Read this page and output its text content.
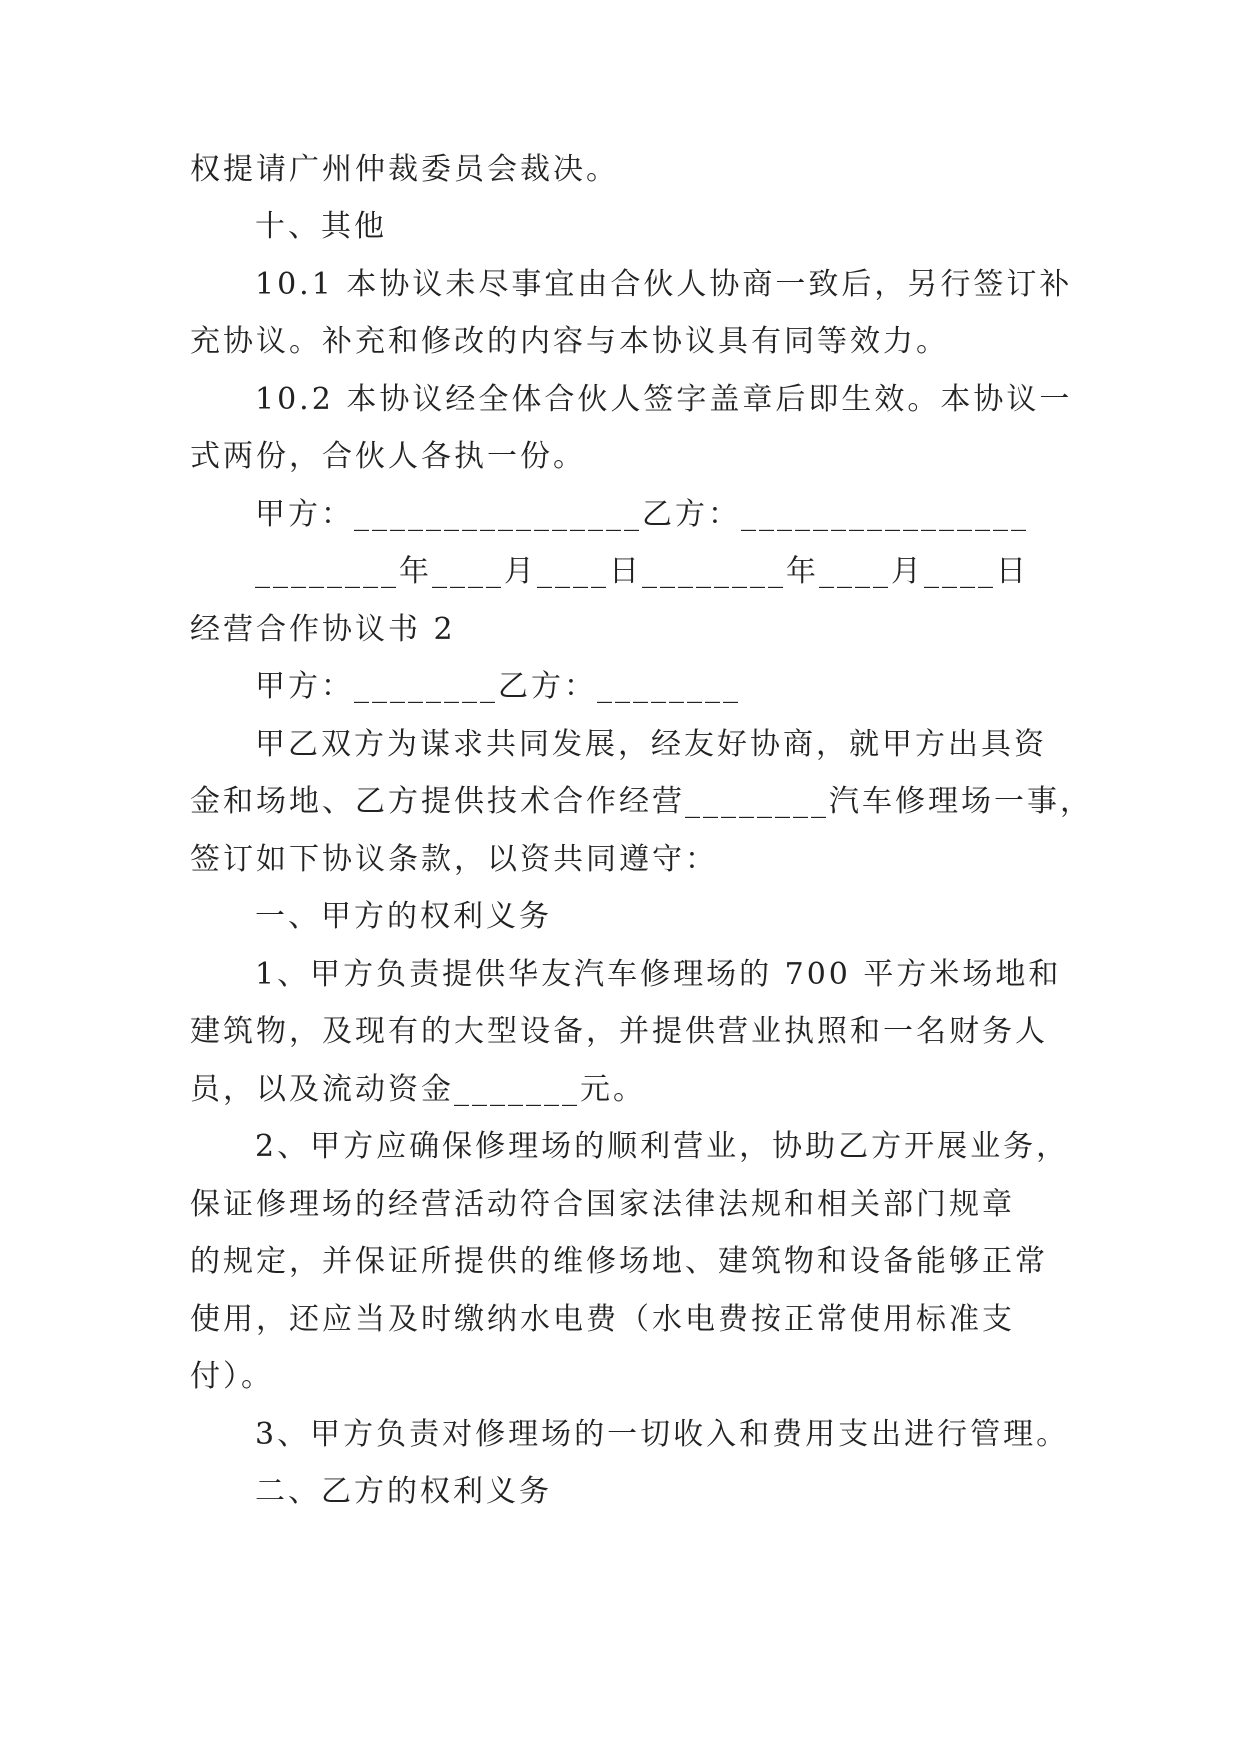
权提请广州仲裁委员会裁决。
十、其他
10.1 本协议未尽事宜由合伙人协商一致后，另行签订补
充协议。补充和修改的内容与本协议具有同等效力。
10.2 本协议经全体合伙人签字盖章后即生效。本协议一
式两份，合伙人各执一份。
甲方：________________乙方：________________
________年____月____日________年____月____日
经营合作协议书 2
甲方：________乙方：________
甲乙双方为谋求共同发展，经友好协商，就甲方出具资
金和场地、乙方提供技术合作经营________汽车修理场一事，
签订如下协议条款，以资共同遵守：
一、甲方的权利义务
1、甲方负责提供华友汽车修理场的 700 平方米场地和
建筑物，及现有的大型设备，并提供营业执照和一名财务人
员，以及流动资金_______元。
2、甲方应确保修理场的顺利营业，协助乙方开展业务，
保证修理场的经营活动符合国家法律法规和相关部门规章
的规定，并保证所提供的维修场地、建筑物和设备能够正常
使用，还应当及时缴纳水电费（水电费按正常使用标准支
付）。
3、甲方负责对修理场的一切收入和费用支出进行管理。
二、乙方的权利义务
